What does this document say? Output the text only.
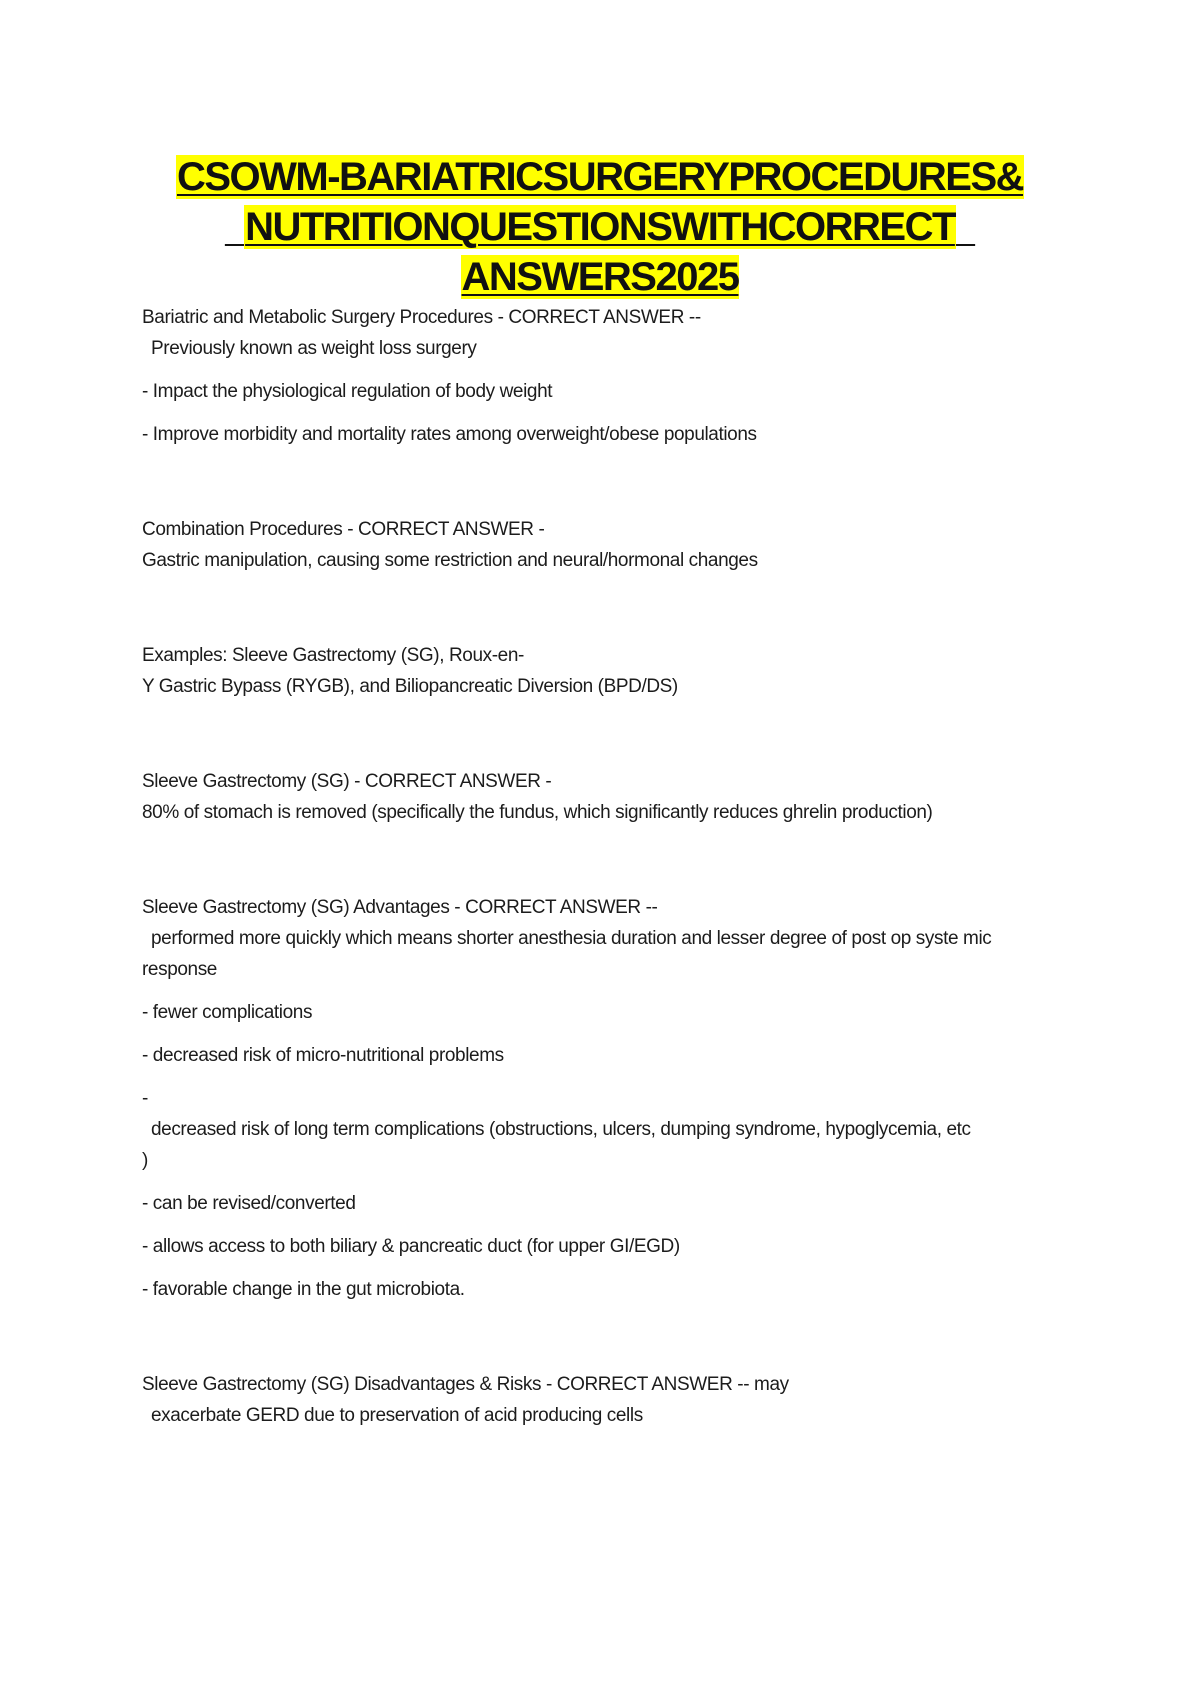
CSOWM-BARIATRICSURGERYPROCEDURES&
NUTRITIONQUESTIONSWITHCORRECT
ANSWERS2025
Bariatric and Metabolic Surgery Procedures - CORRECT ANSWER --
Previously known as weight loss surgery
- Impact the physiological regulation of body weight
- Improve morbidity and mortality rates among overweight/obese populations
Combination Procedures - CORRECT ANSWER -
Gastric manipulation, causing some restriction and neural/hormonal changes
Examples: Sleeve Gastrectomy (SG), Roux-en-
Y Gastric Bypass (RYGB), and Biliopancreatic Diversion (BPD/DS)
Sleeve Gastrectomy (SG) - CORRECT ANSWER -
80% of stomach is removed (specifically the fundus, which significantly reduces ghrelin production)
Sleeve Gastrectomy (SG) Advantages - CORRECT ANSWER --
performed more quickly which means shorter anesthesia duration and lesser degree of post op syste mic
response
- fewer complications
- decreased risk of micro-nutritional problems
-
decreased risk of long term complications (obstructions, ulcers, dumping syndrome, hypoglycemia, etc
)
- can be revised/converted
- allows access to both biliary & pancreatic duct (for upper GI/EGD)
- favorable change in the gut microbiota.
Sleeve Gastrectomy (SG) Disadvantages & Risks - CORRECT ANSWER -- may
exacerbate GERD due to preservation of acid producing cells
